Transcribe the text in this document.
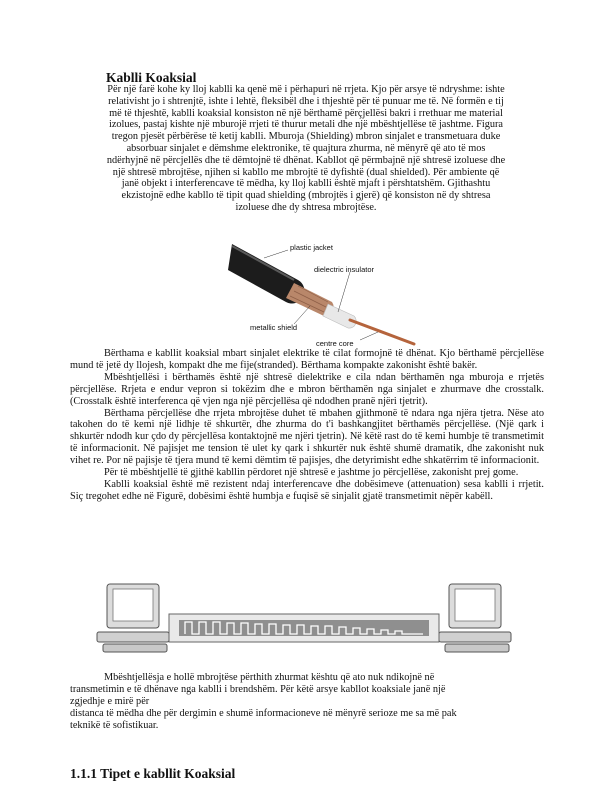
Kablli Koaksial
Për një farë kohe ky lloj kablli ka qenë më i përhapuri në rrjeta. Kjo për arsye të ndryshme: ishte
relativisht jo i shtrenjtë, ishte i lehtë, fleksibël dhe i thjeshtë për të punuar me të. Në formën e tij
më të thjeshtë, kablli koaksial konsiston në një bërthamë përçjellësi bakri i rrethuar me material
izolues, pastaj kishte një mburojë rrjeti të thurur metali dhe një mbështjellëse të jashtme. Figura
tregon pjesët përbërëse të ketij kablli. Mburoja (Shielding) mbron sinjalet e transmetuara duke
absorbuar sinjalet e dëmshme elektronike, të quajtura zhurma, në mënyrë që ato të mos
ndërhyjnë në përcjellës dhe të dëmtojnë të dhënat. Kabllot që përmbajnë një shtresë izoluese dhe
një shtresë mbrojtëse, njihen si kabllo me mbrojtë të dyfishtë (dual shielded). Për ambiente që
janë objekt i interferencave të mëdha, ky lloj kablli është mjaft i përshtatshëm. Gjithashtu
ekzistojnë edhe kabllo të tipit quad shielding (mbrojtës i gjerë) që konsiston në dy shtresa
izoluese dhe dy shtresa mbrojtëse.
plastic jacket
dielectric insulator
metallic shield
centre core

Bërthama e kabllit koaksial mbart sinjalet elektrike të cilat formojnë të dhënat. Kjo bërthamë përcjellëse mund të jetë dy llojesh, kompakt dhe me fije(stranded). Bërthama kompakte zakonisht është bakër.

Mbështjellësi i bërthamës është një shtresë dielektrike e cila ndan bërthamën nga mburoja e rrjetës përcjellëse. Rrjeta e endur vepron si tokëzim dhe e mbron bërthamën nga sinjalet e zhurmave dhe crosstalk. (Crosstalk është interferenca që vjen nga një përcjellësa që ndodhen pranë njëri tjetrit).

Bërthama përcjellëse dhe rrjeta mbrojtëse duhet të mbahen gjithmonë të ndara nga njëra tjetra. Nëse ato takohen do të kemi një lidhje të shkurtër, dhe zhurma do t'i bashkangjitet bërthamës përcjellëse. (Një qark i shkurtër ndodh kur çdo dy përcjellësa kontaktojnë me njëri tjetrin). Në këtë rast do të kemi humbje të transmetimit të informacionit. Në pajisjet me tension të ulet ky qark i shkurtër nuk është shumë dramatik, dhe zakonisht nuk vihet re. Por në pajisje të tjera mund të kemi dëmtim të pajisjes, dhe detyrimisht edhe shkatërrim të informacionit.

Për të mbështjellë të gjithë kabllin përdoret një shtresë e jashtme jo përcjellëse, zakonisht prej gome.

Kablli koaksial është më rezistent ndaj interferencave dhe dobësimeve (attenuation) sesa kablli i rrjetit. Siç tregohet edhe në Figurë, dobësimi është humbja e fuqisë së sinjalit gjatë transmetimit nëpër kabëll.

Mbështjellësja e hollë mbrojtëse përthith zhurmat kështu që ato nuk ndikojnë në

transmetimin e të dhënave nga kablli i brendshëm. Për këtë arsye kabllot koaksiale janë një

zgjedhje e mirë për

distanca të mëdha dhe për dergimin e shumë informacioneve në mënyrë serioze me sa më pak

teknikë të sofistikuar.

1.1.1 Tipet e kabllit Koaksial
